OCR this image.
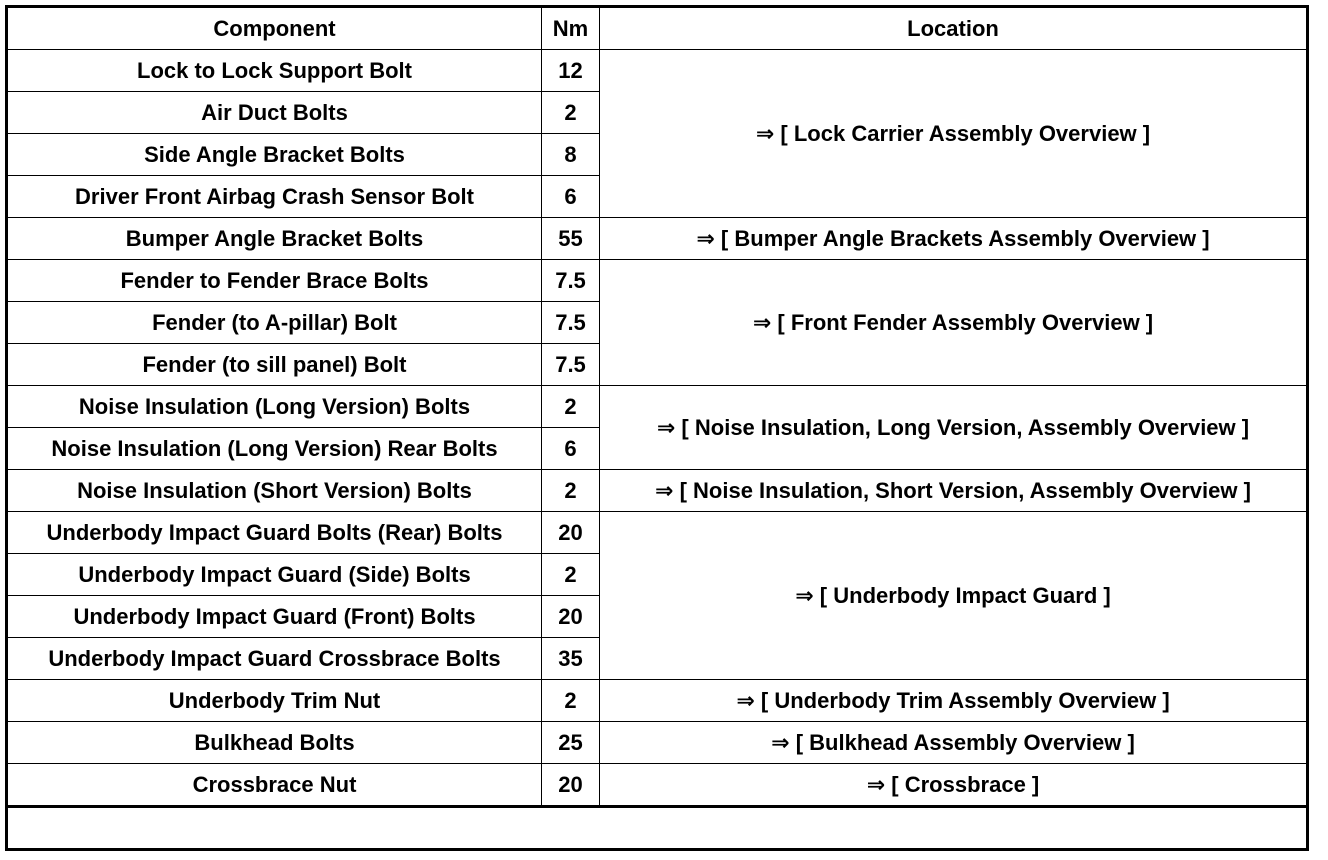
Component	Nm	Location
Lock to Lock Support Bolt	12	⇒ [ Lock Carrier Assembly Overview ]
Air Duct Bolts	2	
Side Angle Bracket Bolts	8	
Driver Front Airbag Crash Sensor Bolt	6	
Bumper Angle Bracket Bolts	55	⇒ [ Bumper Angle Brackets Assembly Overview ]
Fender to Fender Brace Bolts	7.5	⇒ [ Front Fender Assembly Overview ]
Fender (to A-pillar) Bolt	7.5	
Fender (to sill panel) Bolt	7.5	
Noise Insulation (Long Version) Bolts	2	⇒ [ Noise Insulation, Long Version, Assembly Overview ]
Noise Insulation (Long Version) Rear Bolts	6	
Noise Insulation (Short Version) Bolts	2	⇒ [ Noise Insulation, Short Version, Assembly Overview ]
Underbody Impact Guard Bolts (Rear) Bolts	20	⇒ [ Underbody Impact Guard ]
Underbody Impact Guard (Side) Bolts	2	
Underbody Impact Guard (Front) Bolts	20	
Underbody Impact Guard Crossbrace Bolts	35	
Underbody Trim Nut	2	⇒ [ Underbody Trim Assembly Overview ]
Bulkhead Bolts	25	⇒ [ Bulkhead Assembly Overview ]
Crossbrace Nut	20	⇒ [ Crossbrace ]
